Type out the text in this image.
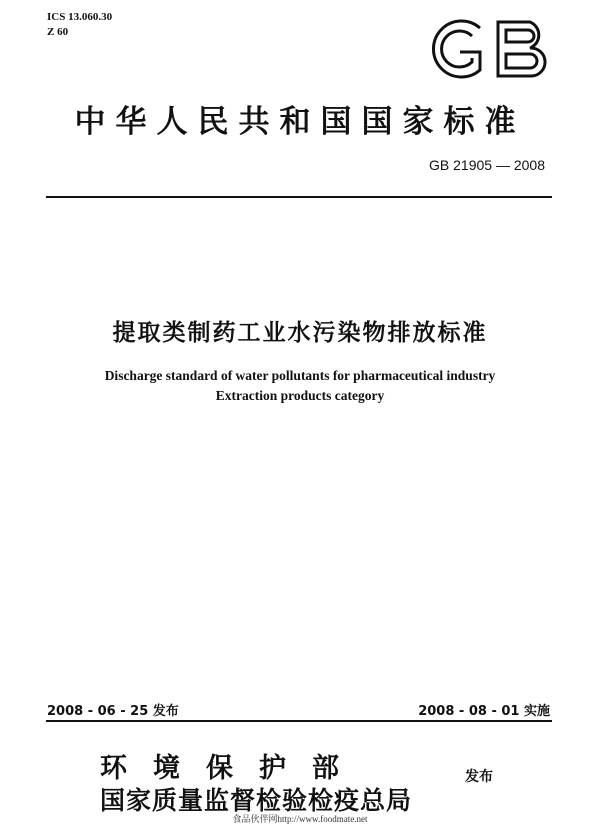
ICS 13.060.30
Z 60
中华人民共和国国家标准
GB 21905 — 2008
提取类制药工业水污染物排放标准
Discharge standard of water pollutants for pharmaceutical industry
Extraction products category
2008 - 06 - 25 发布	2008 - 08 - 01 实施
环境保护部
国家质量监督检验检疫总局
发布
食品伙伴网http://www.foodmate.net
